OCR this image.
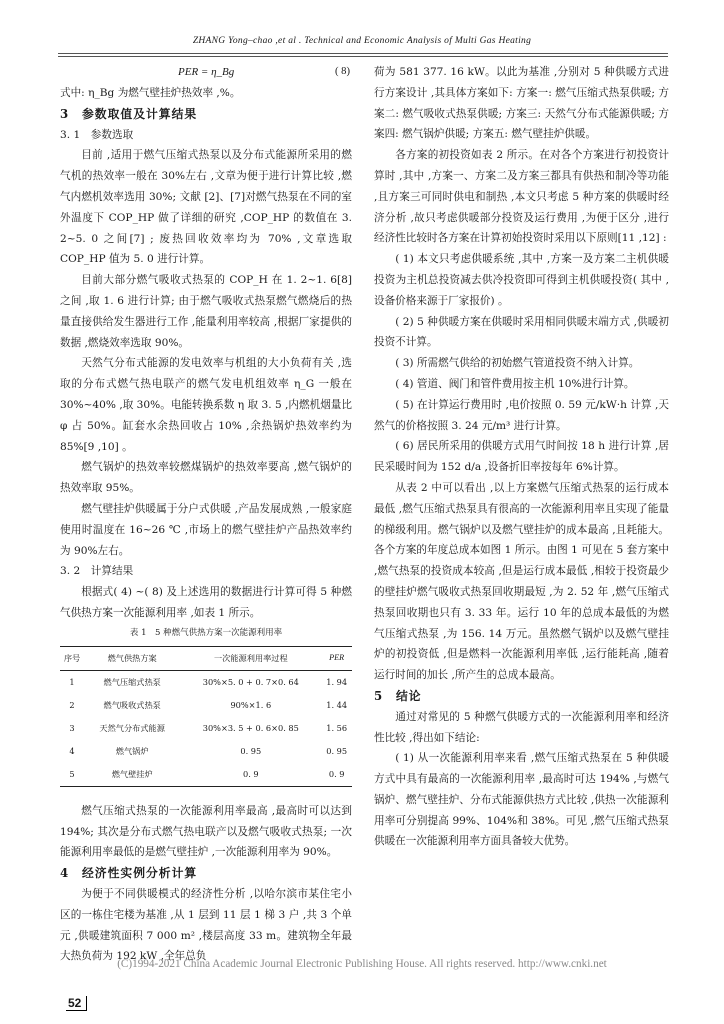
ZHANG Yong–chao ,et al . Technical and Economic Analysis of Multi Gas Heating
PER = η_Bg	( 8)

式中: η_Bg 为燃气壁挂炉热效率 ,%。

3　参数取值及计算结果

3. 1　参数选取

目前 ,适用于燃气压缩式热泵以及分布式能源所采用的燃气机的热效率一般在 30%左右 ,文章为便于进行计算比较 ,燃气内燃机效率选用 30%; 文献 [2]、[7]对燃气热泵在不同的室外温度下 COP_HP 做了详细的研究 ,COP_HP 的数值在 3. 2~5. 0 之间[7] ; 废热回收效率均为 70% ,文章选取 COP_HP 值为 5. 0 进行计算。

目前大部分燃气吸收式热泵的 COP_H 在 1. 2~1. 6[8] 之间 ,取 1. 6 进行计算; 由于燃气吸收式热泵燃气燃烧后的热量直接供给发生器进行工作 ,能量利用率较高 ,根据厂家提供的数据 ,燃烧效率选取 90%。

天然气分布式能源的发电效率与机组的大小负荷有关 ,选取的分布式燃气热电联产的燃气发电机组效率 η_G 一般在 30%~40% ,取 30%。电能转换系数 η 取 3. 5 ,内燃机烟量比 φ 占 50%。缸套水余热回收占 10% ,余热锅炉热效率约为 85%[9 ,10] 。

燃气锅炉的热效率较燃煤锅炉的热效率要高 ,燃气锅炉的热效率取 95%。

燃气壁挂炉供暖属于分户式供暖 ,产品发展成熟 ,一般家庭使用时温度在 16~26 ℃ ,市场上的燃气壁挂炉产品热效率约为 90%左右。

3. 2　计算结果

根据式( 4) ~( 8) 及上述选用的数据进行计算可得 5 种燃气供热方案一次能源利用率 ,如表 1 所示。

表 1　5 种燃气供热方案一次能源利用率
序号	燃气供热方案	一次能源利用率过程	PER
1	燃气压缩式热泵	30%×5. 0 + 0. 7×0. 64	1. 94
2	燃气吸收式热泵	90%×1. 6	1. 44
3	天然气分布式能源	30%×3. 5 + 0. 6×0. 85	1. 56
4	燃气锅炉	0. 95	0. 95
5	燃气壁挂炉	0. 9	0. 9

燃气压缩式热泵的一次能源利用率最高 ,最高时可以达到 194%; 其次是分布式燃气热电联产以及燃气吸收式热泵; 一次能源利用率最低的是燃气壁挂炉 ,一次能源利用率为 90%。

4　经济性实例分析计算

为便于不同供暖模式的经济性分析 ,以哈尔滨市某住宅小区的一栋住宅楼为基准 ,从 1 层到 11 层 1 梯 3 户 ,共 3 个单元 ,供暖建筑面积 7 000 m² ,楼层高度 33 m。建筑物全年最大热负荷为 192 kW ,全年总负

荷为 581 377. 16 kW。以此为基准 ,分别对 5 种供暖方式进行方案设计 ,其具体方案如下: 方案一: 燃气压缩式热泵供暖; 方案二: 燃气吸收式热泵供暖; 方案三: 天然气分布式能源供暖; 方案四: 燃气锅炉供暖; 方案五: 燃气壁挂炉供暖。

各方案的初投资如表 2 所示。在对各个方案进行初投资计算时 ,其中 ,方案一、方案二及方案三都具有供热和制冷等功能 ,且方案三可同时供电和制热 ,本文只考虑 5 种方案的供暖时经济分析 ,故只考虑供暖部分投资及运行费用 ,为便于区分 ,进行经济性比较时各方案在计算初始投资时采用以下原则[11 ,12] :

( 1) 本文只考虑供暖系统 ,其中 ,方案一及方案二主机供暖投资为主机总投资减去供冷投资即可得到主机供暖投资( 其中 ,设备价格来源于厂家报价) 。

( 2) 5 种供暖方案在供暖时采用相同供暖末端方式 ,供暖初投资不计算。

( 3) 所需燃气供给的初始燃气管道投资不纳入计算。

( 4) 管道、阀门和管件费用按主机 10%进行计算。

( 5) 在计算运行费用时 ,电价按照 0. 59 元/kW·h 计算 ,天然气的价格按照 3. 24 元/m³ 进行计算。

( 6) 居民所采用的供暖方式用气时间按 18 h 进行计算 ,居民采暖时间为 152 d/a ,设备折旧率按每年 6%计算。

从表 2 中可以看出 ,以上方案燃气压缩式热泵的运行成本最低 ,燃气压缩式热泵具有很高的一次能源利用率且实现了能量的梯级利用。燃气锅炉以及燃气壁挂炉的成本最高 ,且耗能大。各个方案的年度总成本如图 1 所示。由图 1 可见在 5 套方案中 ,燃气热泵的投资成本较高 ,但是运行成本最低 ,相较于投资最少的壁挂炉燃气吸收式热泵回收期最短 ,为 2. 52 年 ,燃气压缩式热泵回收期也只有 3. 33 年。运行 10 年的总成本最低的为燃气压缩式热泵 ,为 156. 14 万元。虽然燃气锅炉以及燃气壁挂炉的初投资低 ,但是燃料一次能源利用率低 ,运行能耗高 ,随着运行时间的加长 ,所产生的总成本最高。

5　结论

通过对常见的 5 种燃气供暖方式的一次能源利用率和经济性比较 ,得出如下结论:

( 1) 从一次能源利用率来看 ,燃气压缩式热泵在 5 种供暖方式中具有最高的一次能源利用率 ,最高时可达 194% ,与燃气锅炉、燃气壁挂炉、分布式能源供热方式比较 ,供热一次能源利用率可分别提高 99%、104%和 38%。可见 ,燃气压缩式热泵供暖在一次能源利用率方面具备较大优势。

(C)1994-2021 China Academic Journal Electronic Publishing House. All rights reserved. http://www.cnki.net
52
